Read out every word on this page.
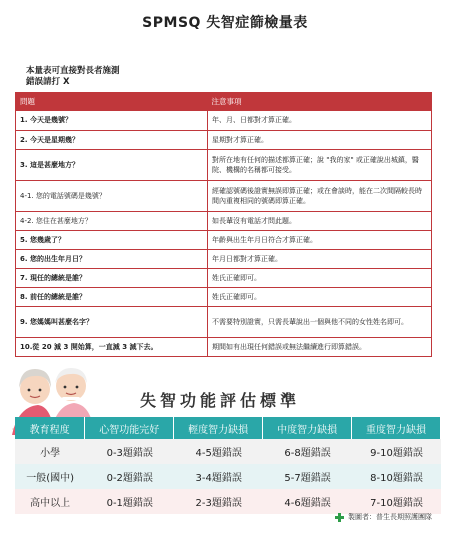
SPMSQ 失智症篩檢量表
本量表可直接對長者施測
錯誤請打 X
問題	注意事項
1. 今天是幾號？	年、月、日都對才算正確。
2. 今天是星期幾？	星期對才算正確。
3. 這是甚麼地方？	對所在地有任何的描述都算正確；說 "我的家" 或正確說出城鎮，醫院、機構的名稱都可接受。
4-1. 您的電話號碼是幾號？	經確認號碼後證實無誤即算正確；或在會談時，能在二次間隔較長時間內重複相同的號碼即算正確。
4-2. 您住在甚麼地方？	如長輩沒有電話才問此題。
5. 您幾歲了？	年齡與出生年月日符合才算正確。
6. 您的出生年月日？	年月日都對才算正確。
7. 現任的總統是誰？	姓氏正確即可。
8. 前任的總統是誰？	姓氏正確即可。
9. 您媽媽叫甚麼名字？	不需要特別證實，只需長輩說出一個與他不同的女性姓名即可。
10.從 20 減 3 開始算，一直減 3 減下去。	期間如有出現任何錯誤或無法繼續進行即算錯誤。
失智功能評估標準
教育程度	心智功能完好	輕度智力缺損	中度智力缺損	重度智力缺損
小學	0-3題錯誤	4-5題錯誤	6-8題錯誤	9-10題錯誤
一般(國中)	0-2題錯誤	3-4題錯誤	5-7題錯誤	8-10題錯誤
高中以上	0-1題錯誤	2-3題錯誤	4-6題錯誤	7-10題錯誤
製圖者：普生長期照護團隊
